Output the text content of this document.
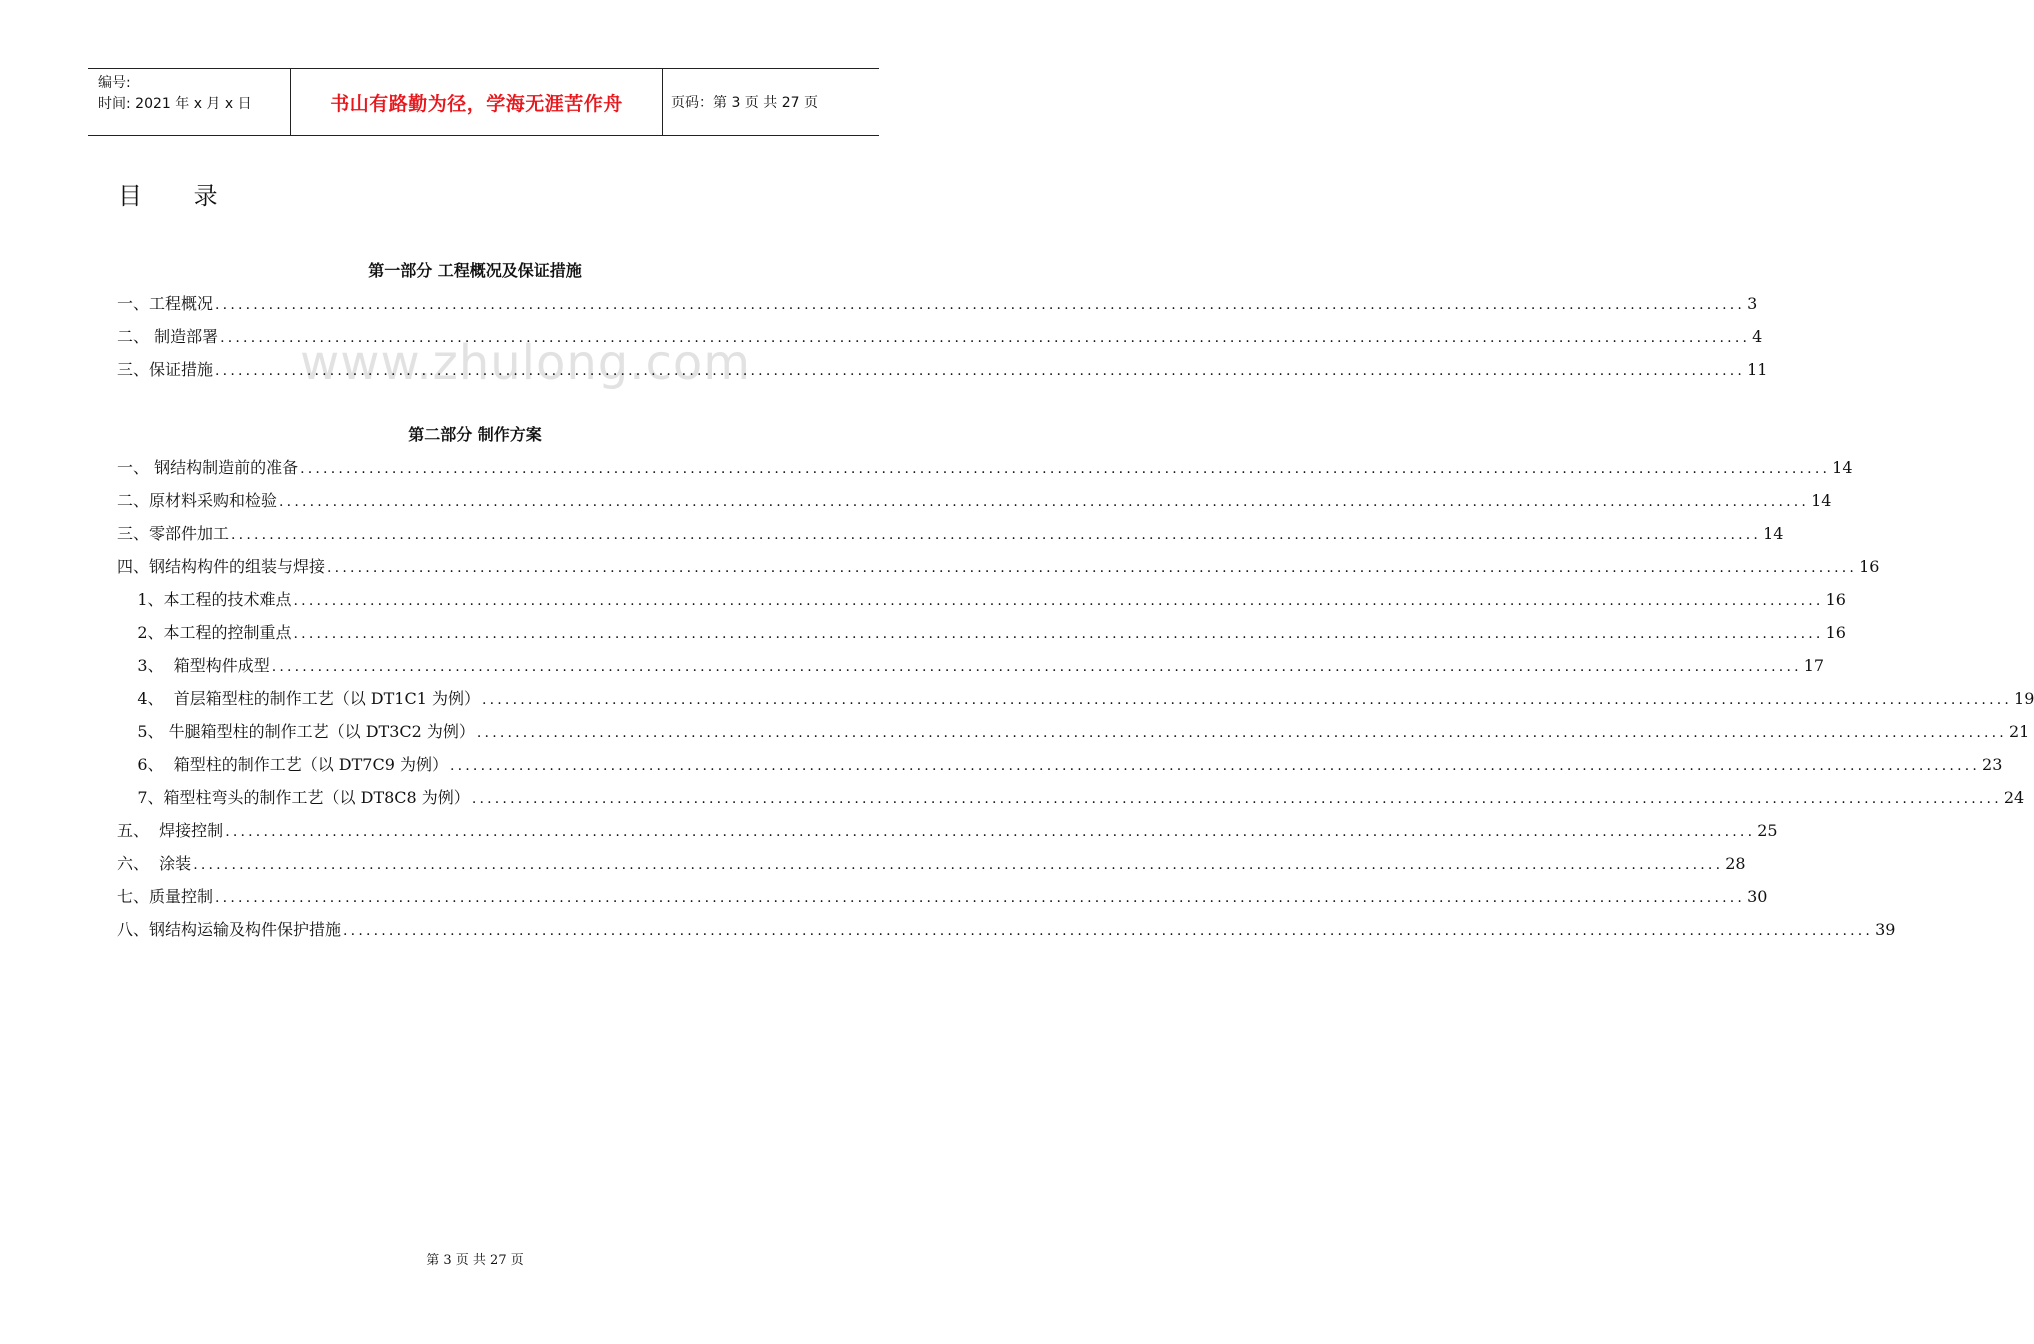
编号:
时间: 2021 年 x 月 x 日	书山有路勤为径，学海无涯苦作舟	页码：第 3 页 共 27 页
目 录
www.zhulong.com
第一部分 工程概况及保证措施
一、工程概况 ........................................................................................................................................................................................................ 3
二、 制造部署 ........................................................................................................................................................................................................ 4
三、保证措施 ........................................................................................................................................................................................................ 11
第二部分 制作方案
一、 钢结构制造前的准备 ........................................................................................................................................................................................................ 14
二、原材料采购和检验 ........................................................................................................................................................................................................ 14
三、零部件加工 ........................................................................................................................................................................................................ 14
四、钢结构构件的组装与焊接 ........................................................................................................................................................................................................ 16
1、本工程的技术难点 ........................................................................................................................................................................................................ 16
2、本工程的控制重点 ........................................................................................................................................................................................................ 16
3、  箱型构件成型 ........................................................................................................................................................................................................ 17
4、  首层箱型柱的制作工艺（以 DT1C1 为例） ........................................................................................................................................................................................................ 19
5、 牛腿箱型柱的制作工艺（以 DT3C2 为例） ........................................................................................................................................................................................................ 21
6、  箱型柱的制作工艺（以 DT7C9 为例） ........................................................................................................................................................................................................ 23
7、箱型柱弯头的制作工艺（以 DT8C8 为例） ........................................................................................................................................................................................................ 24
五、  焊接控制 ........................................................................................................................................................................................................ 25
六、  涂装 ........................................................................................................................................................................................................ 28
七、质量控制 ........................................................................................................................................................................................................ 30
八、钢结构运输及构件保护措施 ........................................................................................................................................................................................................ 39
第 3 页 共 27 页
